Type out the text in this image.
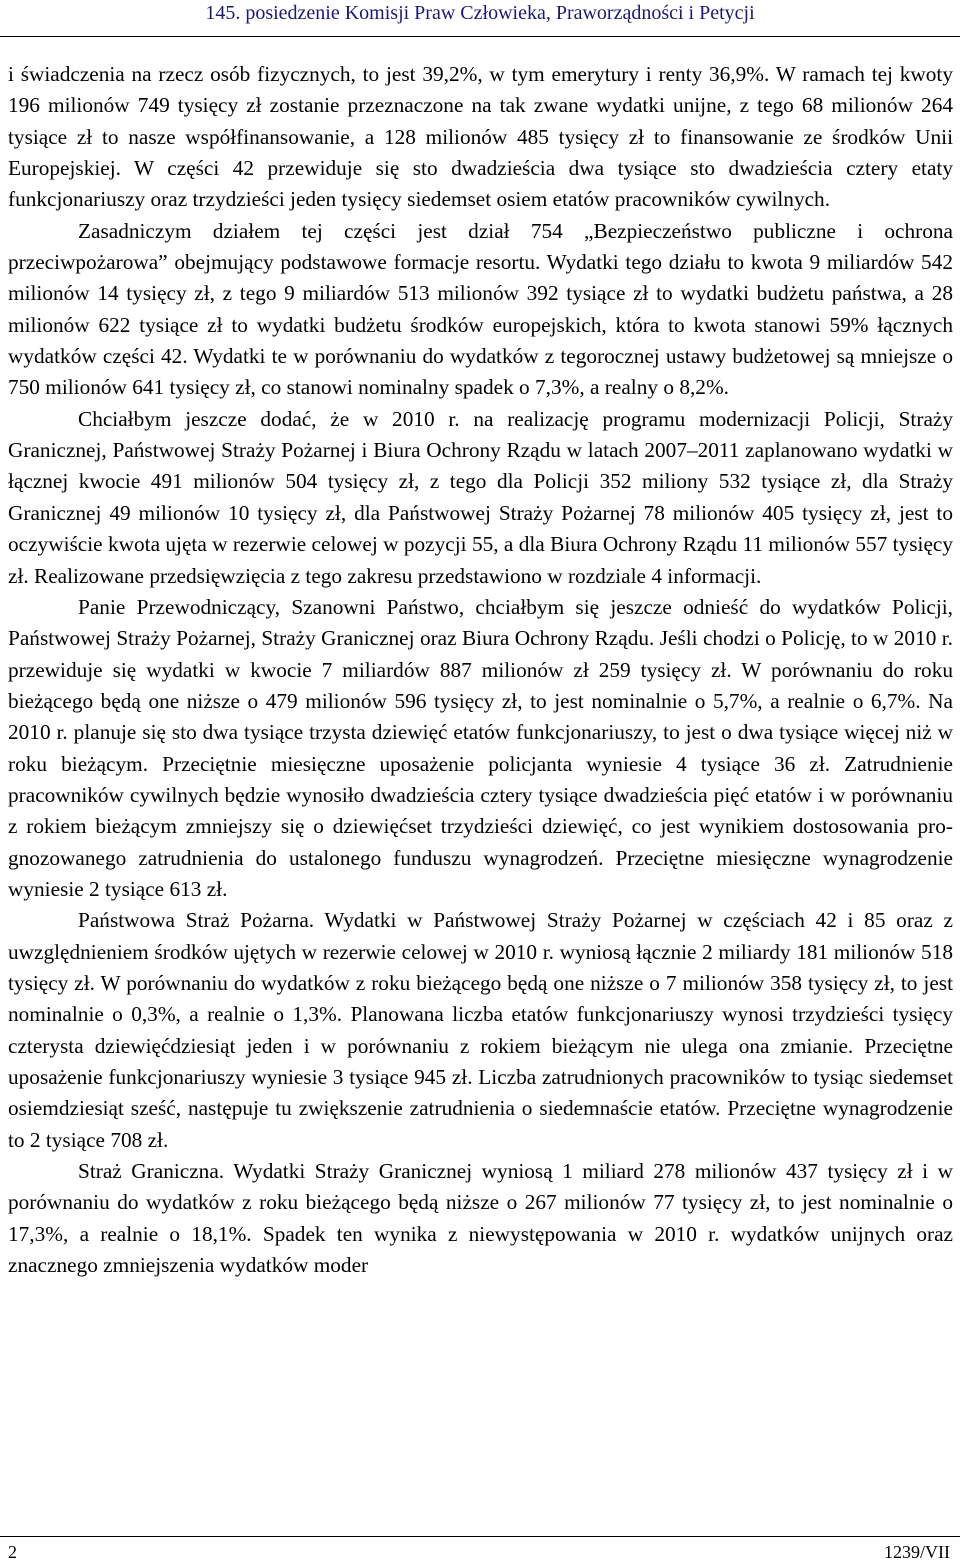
145. posiedzenie Komisji Praw Człowieka, Praworządności i Petycji

i świadczenia na rzecz osób fizycznych, to jest 39,2%, w tym emerytury i renty 36,9%. W ramach tej kwoty 196 milionów 749 tysięcy zł zostanie przeznaczone na tak zwane wydatki unijne, z tego 68 milionów 264 tysiące zł to nasze współfinansowanie, a 128 milionów 485 tysięcy zł to finansowanie ze środków Unii Europejskiej. W części 42 przewiduje się sto dwadzieścia dwa tysiące sto dwadzieścia cztery etaty funkcjonariuszy oraz trzydzieści jeden tysięcy siedemset osiem etatów pracowników cywilnych.

Zasadniczym działem tej części jest dział 754 „Bezpieczeństwo publiczne i ochrona przeciwpożarowa” obejmujący podstawowe formacje resortu. Wydatki tego działu to kwota 9 miliardów 542 milionów 14 tysięcy zł, z tego 9 miliardów 513 milionów 392 tysiące zł to wydatki budżetu państwa, a 28 milionów 622 tysiące zł to wydatki budżetu środków europejskich, która to kwota stanowi 59% łącznych wydatków części 42. Wydatki te w porównaniu do wydatków z tegorocznej ustawy budżetowej są mniejsze o 750 milionów 641 tysięcy zł, co stanowi nominalny spadek o 7,3%, a realny o 8,2%.

Chciałbym jeszcze dodać, że w 2010 r. na realizację programu modernizacji Policji, Straży Granicznej, Państwowej Straży Pożarnej i Biura Ochrony Rządu w latach 2007–2011 zaplanowano wydatki w łącznej kwocie 491 milionów 504 tysięcy zł, z tego dla Policji 352 miliony 532 tysiące zł, dla Straży Granicznej 49 milionów 10 tysięcy zł, dla Państwowej Straży Pożarnej 78 milionów 405 tysięcy zł, jest to oczywiście kwota ujęta w rezerwie celowej w pozycji 55, a dla Biura Ochrony Rządu 11 milionów 557 tysięcy zł. Realizowane przedsięwzięcia z tego zakresu przedstawiono w rozdziale 4 informacji.

Panie Przewodniczący, Szanowni Państwo, chciałbym się jeszcze odnieść do wydatków Policji, Państwowej Straży Pożarnej, Straży Granicznej oraz Biura Ochrony Rządu. Jeśli chodzi o Policję, to w 2010 r. przewiduje się wydatki w kwocie 7 miliardów 887 milionów zł 259 tysięcy zł. W porównaniu do roku bieżącego będą one niższe o 479 milionów 596 tysięcy zł, to jest nominalnie o 5,7%, a realnie o 6,7%. Na 2010 r. planuje się sto dwa tysiące trzysta dziewięć etatów funkcjonariuszy, to jest o dwa tysiące więcej niż w roku bieżącym. Przeciętnie miesięczne uposażenie policjanta wyniesie 4 tysiące 36 zł. Zatrudnienie pracowników cywilnych będzie wynosiło dwadzieścia cztery tysiące dwadzieścia pięć etatów i w porównaniu z rokiem bieżącym zmniejszy się o dziewięćset trzydzieści dziewięć, co jest wynikiem dostosowania prognozowanego zatrudnienia do ustalonego funduszu wynagrodzeń. Przeciętne miesięczne wynagrodzenie wyniesie 2 tysiące 613 zł.

Państwowa Straż Pożarna. Wydatki w Państwowej Straży Pożarnej w częściach 42 i 85 oraz z uwzględnieniem środków ujętych w rezerwie celowej w 2010 r. wyniosą łącznie 2 miliardy 181 milionów 518 tysięcy zł. W porównaniu do wydatków z roku bieżącego będą one niższe o 7 milionów 358 tysięcy zł, to jest nominalnie o 0,3%, a realnie o 1,3%. Planowana liczba etatów funkcjonariuszy wynosi trzydzieści tysięcy czterysta dziewięćdziesiąt jeden i w porównaniu z rokiem bieżącym nie ulega ona zmianie. Przeciętne uposażenie funkcjonariuszy wyniesie 3 tysiące 945 zł. Liczba zatrudnionych pracowników to tysiąc siedemset osiemdziesiąt sześć, następuje tu zwiększenie zatrudnienia o siedemnaście etatów. Przeciętne wynagrodzenie to 2 tysiące 708 zł.

Straż Graniczna. Wydatki Straży Granicznej wyniosą 1 miliard 278 milionów 437 tysięcy zł i w porównaniu do wydatków z roku bieżącego będą niższe o 267 milionów 77 tysięcy zł, to jest nominalnie o 17,3%, a realnie o 18,1%. Spadek ten wynika z niewystępowania w 2010 r. wydatków unijnych oraz znacznego zmniejszenia wydatków moder

2	1239/VII
